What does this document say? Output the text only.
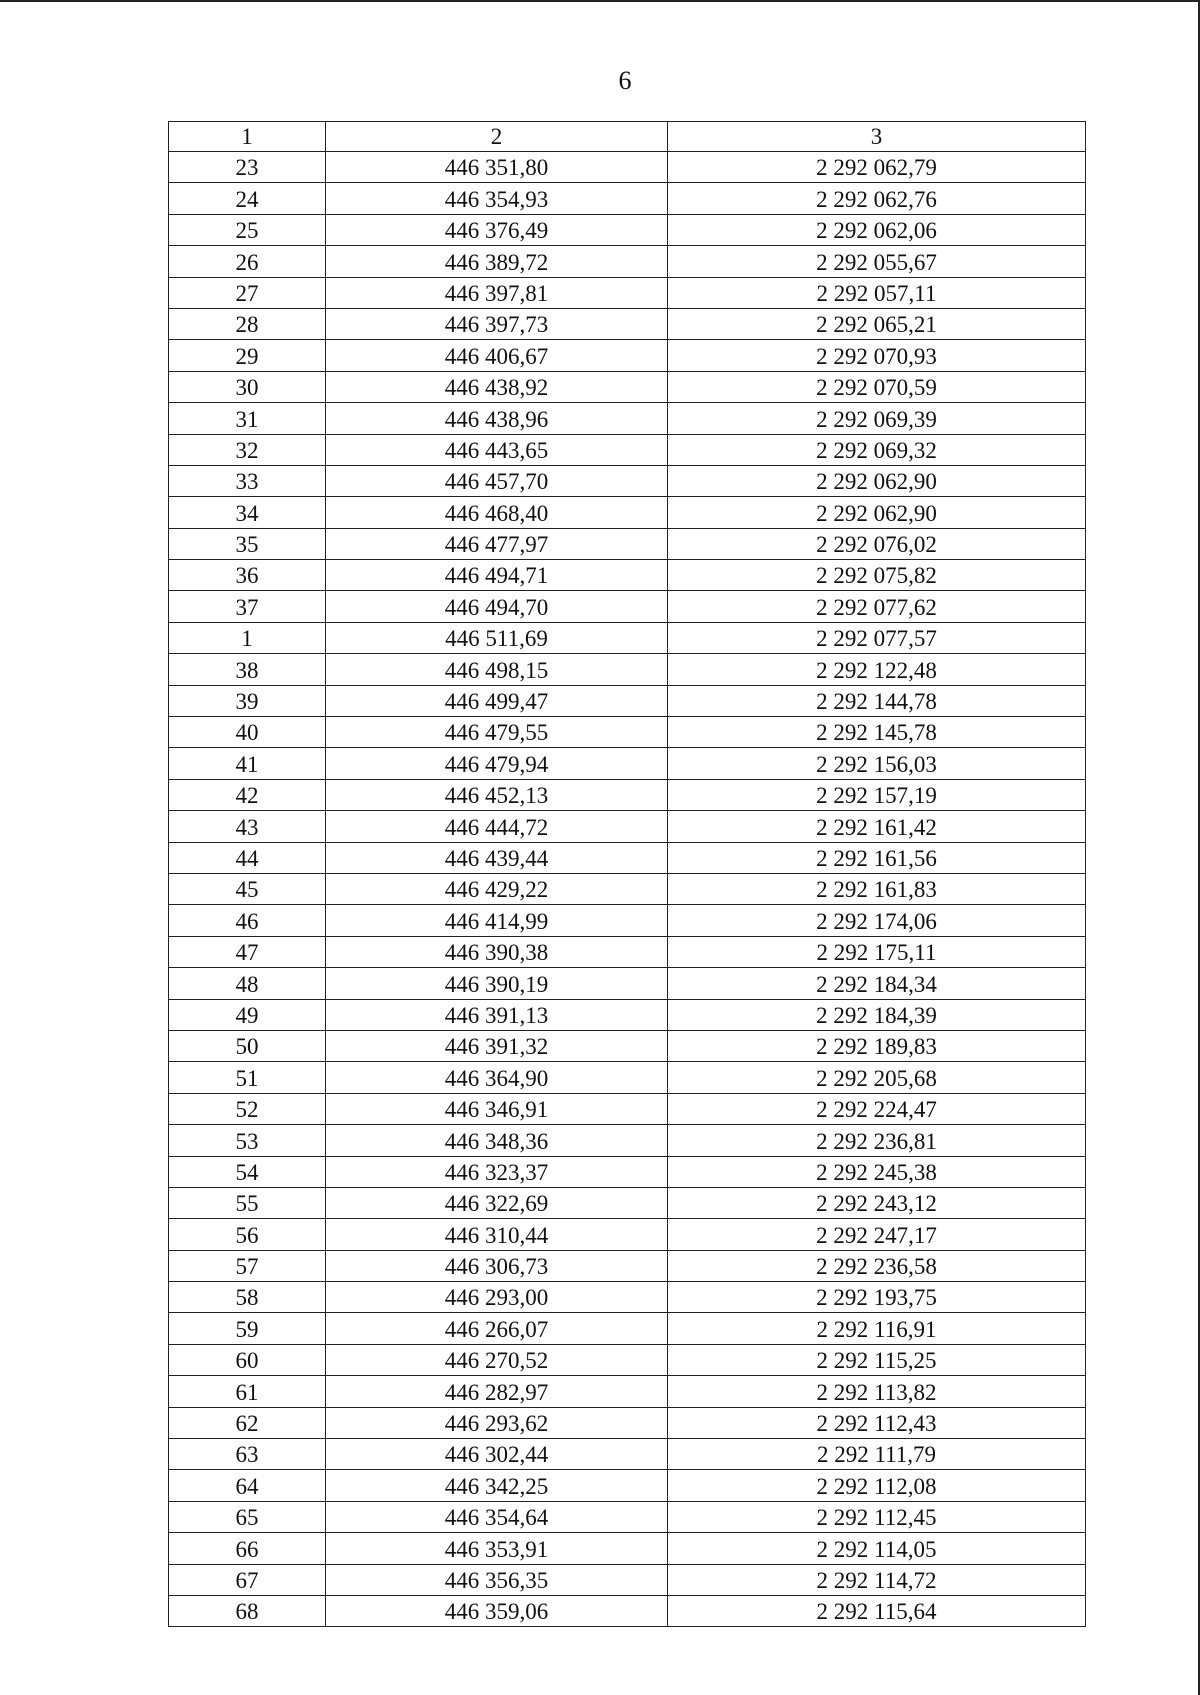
6
1	2	3
23	446 351,80	2 292 062,79
24	446 354,93	2 292 062,76
25	446 376,49	2 292 062,06
26	446 389,72	2 292 055,67
27	446 397,81	2 292 057,11
28	446 397,73	2 292 065,21
29	446 406,67	2 292 070,93
30	446 438,92	2 292 070,59
31	446 438,96	2 292 069,39
32	446 443,65	2 292 069,32
33	446 457,70	2 292 062,90
34	446 468,40	2 292 062,90
35	446 477,97	2 292 076,02
36	446 494,71	2 292 075,82
37	446 494,70	2 292 077,62
1	446 511,69	2 292 077,57
38	446 498,15	2 292 122,48
39	446 499,47	2 292 144,78
40	446 479,55	2 292 145,78
41	446 479,94	2 292 156,03
42	446 452,13	2 292 157,19
43	446 444,72	2 292 161,42
44	446 439,44	2 292 161,56
45	446 429,22	2 292 161,83
46	446 414,99	2 292 174,06
47	446 390,38	2 292 175,11
48	446 390,19	2 292 184,34
49	446 391,13	2 292 184,39
50	446 391,32	2 292 189,83
51	446 364,90	2 292 205,68
52	446 346,91	2 292 224,47
53	446 348,36	2 292 236,81
54	446 323,37	2 292 245,38
55	446 322,69	2 292 243,12
56	446 310,44	2 292 247,17
57	446 306,73	2 292 236,58
58	446 293,00	2 292 193,75
59	446 266,07	2 292 116,91
60	446 270,52	2 292 115,25
61	446 282,97	2 292 113,82
62	446 293,62	2 292 112,43
63	446 302,44	2 292 111,79
64	446 342,25	2 292 112,08
65	446 354,64	2 292 112,45
66	446 353,91	2 292 114,05
67	446 356,35	2 292 114,72
68	446 359,06	2 292 115,64
